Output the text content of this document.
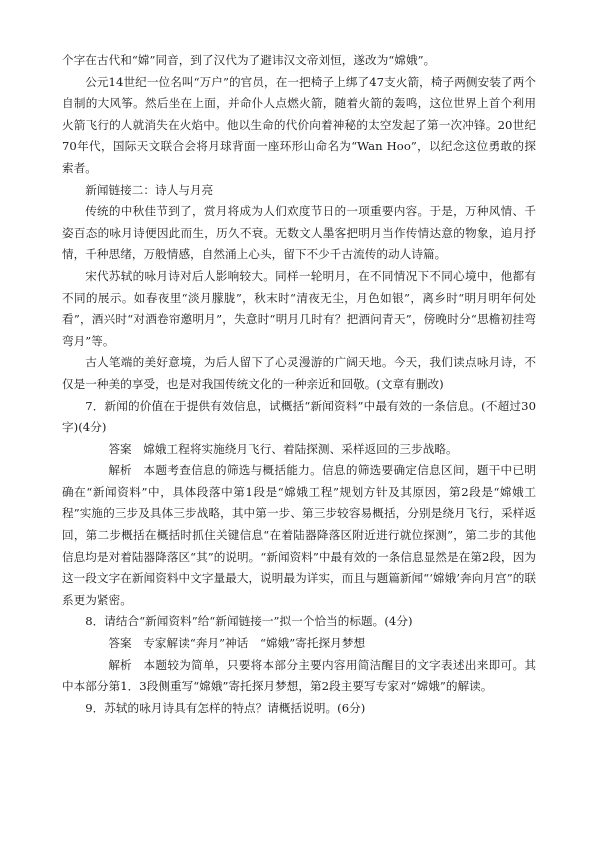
个字在古代和“嫦”同音，到了汉代为了避讳汉文帝刘恒，遂改为“嫦娥”。

公元14世纪一位名叫“万户”的官员，在一把椅子上绑了47支火箭，椅子两侧安装了两个自制的大风筝。然后坐在上面，并命仆人点燃火箭，随着火箭的轰鸣，这位世界上首个利用火箭飞行的人就消失在火焰中。他以生命的代价向着神秘的太空发起了第一次冲锋。20世纪70年代，国际天文联合会将月球背面一座环形山命名为“Wan Hoo”，以纪念这位勇敢的探索者。

新闻链接二：诗人与月亮

传统的中秋佳节到了，赏月将成为人们欢度节日的一项重要内容。于是，万种风情、千姿百态的咏月诗便因此而生，历久不衰。无数文人墨客把明月当作传情达意的物象，追月抒情，千种思绪，万般情感，自然涌上心头，留下不少千古流传的动人诗篇。

宋代苏轼的咏月诗对后人影响较大。同样一轮明月，在不同情况下不同心境中，他都有不同的展示。如春夜里“淡月朦胧”，秋末时“清夜无尘，月色如银”，离乡时“明月明年何处看”，酒兴时“对酒卷帘邀明月”，失意时“明月几时有？把酒问青天”，傍晚时分“思檐初挂弯弯月”等。

古人笔端的美好意境，为后人留下了心灵漫游的广阔天地。今天，我们读点咏月诗，不仅是一种美的享受，也是对我国传统文化的一种亲近和回敬。(文章有删改)

7．新闻的价值在于提供有效信息，试概括“新闻资料”中最有效的一条信息。(不超过30字)(4分)

答案 嫦娥工程将实施绕月飞行、着陆探测、采样返回的三步战略。

解析 本题考查信息的筛选与概括能力。信息的筛选要确定信息区间，题干中已明确在“新闻资料”中，具体段落中第1段是“嫦娥工程”规划方针及其原因，第2段是“嫦娥工程”实施的三步及具体三步战略，其中第一步、第三步较容易概括，分别是绕月飞行，采样返回，第二步概括在概括时抓住关键信息“在着陆器降落区附近进行就位探测”，第二步的其他信息均是对着陆器降落区“其”的说明。“新闻资料”中最有效的一条信息显然是在第2段，因为这一段文字在新闻资料中文字量最大，说明最为详实，而且与题篇新闻“‘嫦娥’奔向月宫”的联系更为紧密。

8．请结合“新闻资料”给“新闻链接一”拟一个恰当的标题。(4分)

答案 专家解读“奔月”神话　“嫦娥”寄托探月梦想

解析 本题较为简单，只要将本部分主要内容用简洁醒目的文字表述出来即可。其中本部分第1．3段侧重写“嫦娥”寄托探月梦想，第2段主要写专家对“嫦娥”的解读。

9．苏轼的咏月诗具有怎样的特点？请概括说明。(6分)
